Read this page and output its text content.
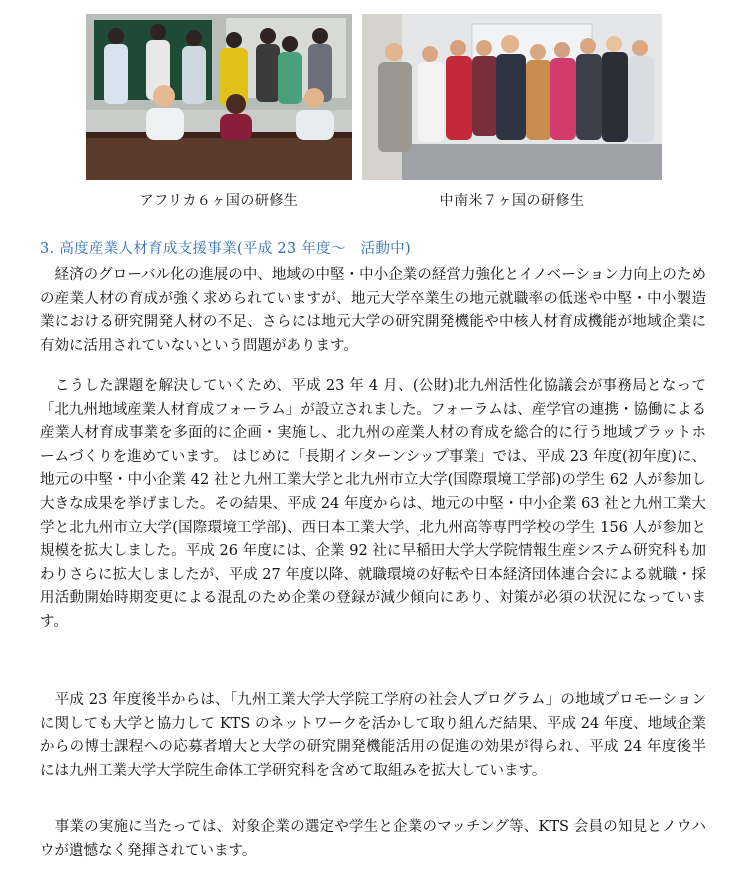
アフリカ６ヶ国の研修生	中南米７ヶ国の研修生
3. 高度産業人材育成支援事業(平成 23 年度～　活動中)

　経済のグローバル化の進展の中、地域の中堅・中小企業の経営力強化とイノベーション力向上のための産業人材の育成が強く求められていますが、地元大学卒業生の地元就職率の低迷や中堅・中小製造業における研究開発人材の不足、さらには地元大学の研究開発機能や中核人材育成機能が地域企業に有効に活用されていないという問題があります。

　こうした課題を解決していくため、平成 23 年 4 月、(公財)北九州活性化協議会が事務局となって「北九州地域産業人材育成フォーラム」が設立されました。フォーラムは、産学官の連携・協働による産業人材育成事業を多面的に企画・実施し、北九州の産業人材の育成を総合的に行う地域プラットホームづくりを進めています。 はじめに「長期インターンシップ事業」では、平成 23 年度(初年度)に、地元の中堅・中小企業 42 社と九州工業大学と北九州市立大学(国際環境工学部)の学生 62 人が参加し大きな成果を挙げました。その結果、平成 24 年度からは、地元の中堅・中小企業 63 社と九州工業大学と北九州市立大学(国際環境工学部)、西日本工業大学、北九州高等専門学校の学生 156 人が参加と規模を拡大しました。平成 26 年度には、企業 92 社に早稲田大学大学院情報生産システム研究科も加わりさらに拡大しましたが、平成 27 年度以降、就職環境の好転や日本経済団体連合会による就職・採用活動開始時期変更による混乱のため企業の登録が減少傾向にあり、対策が必須の状況になっています。

　平成 23 年度後半からは、「九州工業大学大学院工学府の社会人プログラム」の地域プロモーションに関しても大学と協力して KTS のネットワークを活かして取り組んだ結果、平成 24 年度、地域企業からの博士課程への応募者増大と大学の研究開発機能活用の促進の効果が得られ、平成 24 年度後半には九州工業大学大学院生命体工学研究科を含めて取組みを拡大しています。

　事業の実施に当たっては、対象企業の選定や学生と企業のマッチング等、KTS 会員の知見とノウハウが遺憾なく発揮されています。
